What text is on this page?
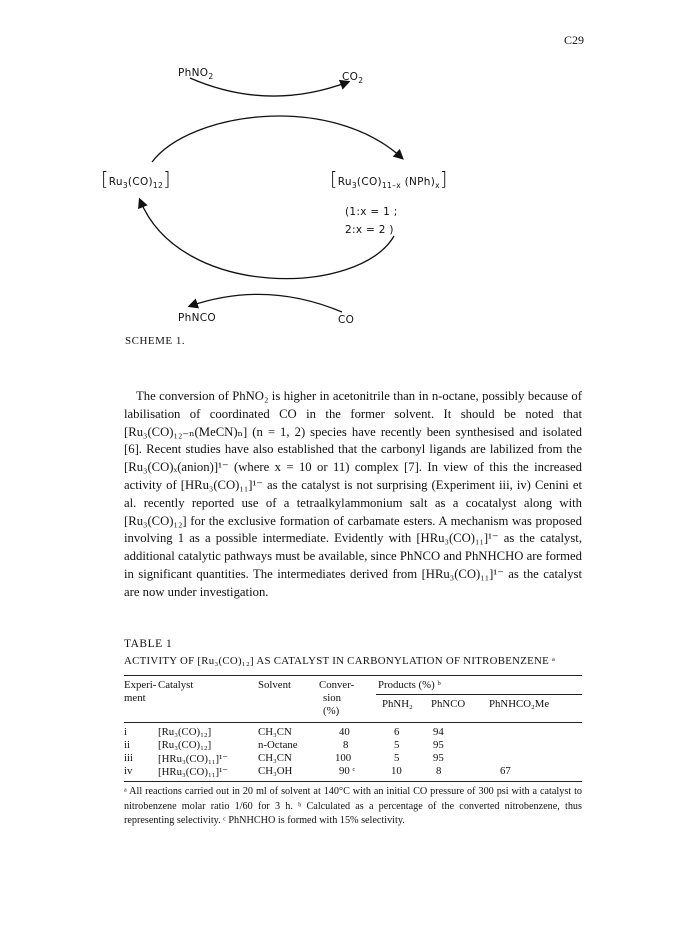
C29
PhNO$_2$	$CO_2$
$[Ru_3(CO)_{12}]$	[$Ru_3(CO)_{11-x}$ $(NPh)_x$]
(1:x = 1 ;
2:x = 2 )
PhNCO	CO
SCHEME 1.
The conversion of PhNO₂ is higher in acetonitrile than in n-octane, possibly because of labilisation of coordinated CO in the former solvent. It should be noted that [Ru₃(CO)₁₂₋ₙ(MeCN)ₙ] (n = 1, 2) species have recently been synthesised and isolated [6]. Recent studies have also established that the carbonyl ligands are labilized from the [Ru₃(CO)ₓ(anion)]¹⁻ (where x = 10 or 11) complex [7]. In view of this the increased activity of [HRu₃(CO)₁₁]¹⁻ as the catalyst is not surprising (Experiment iii, iv) Cenini et al. recently reported use of a tetraalkylammonium salt as a cocatalyst along with [Ru₃(CO)₁₂] for the exclusive formation of carbamate esters. A mechanism was proposed involving 1 as a possible intermediate. Evidently with [HRu₃(CO)₁₁]¹⁻ as the catalyst, additional catalytic pathways must be available, since PhNCO and PhNHCHO are formed in significant quantities. The intermediates derived from [HRu₃(CO)₁₁]¹⁻ as the catalyst are now under investigation.
TABLE 1
ACTIVITY OF [Ru₃(CO)₁₂] AS CATALYST IN CARBONYLATION OF NITROBENZENE ᵃ
Experi-
ment
Catalyst	Solvent	Conver-
sion
(%)
Products (%) ᵇ
PhNH₂ PhNCO PhNHCO₂Me
i	[Ru₃(CO)₁₂]	CH₃CN	40	6	94
ii	[Ru₃(CO)₁₂]	n-Octane	8	5	95
iii [HRu₃(CO)₁₁]¹⁻	CH₃CN	100	5	95
iv [HRu₃(CO)₁₁]¹⁻	CH₃OH	90 ᶜ	10	8	67
ᵃ All reactions carried out in 20 ml of solvent at 140°C with an initial CO pressure of 300 psi with a catalyst to nitrobenzene molar ratio 1/60 for 3 h. ᵇ Calculated as a percentage of the converted nitrobenzene, thus representing selectivity. ᶜ PhNHCHO is formed with 15% selectivity.
